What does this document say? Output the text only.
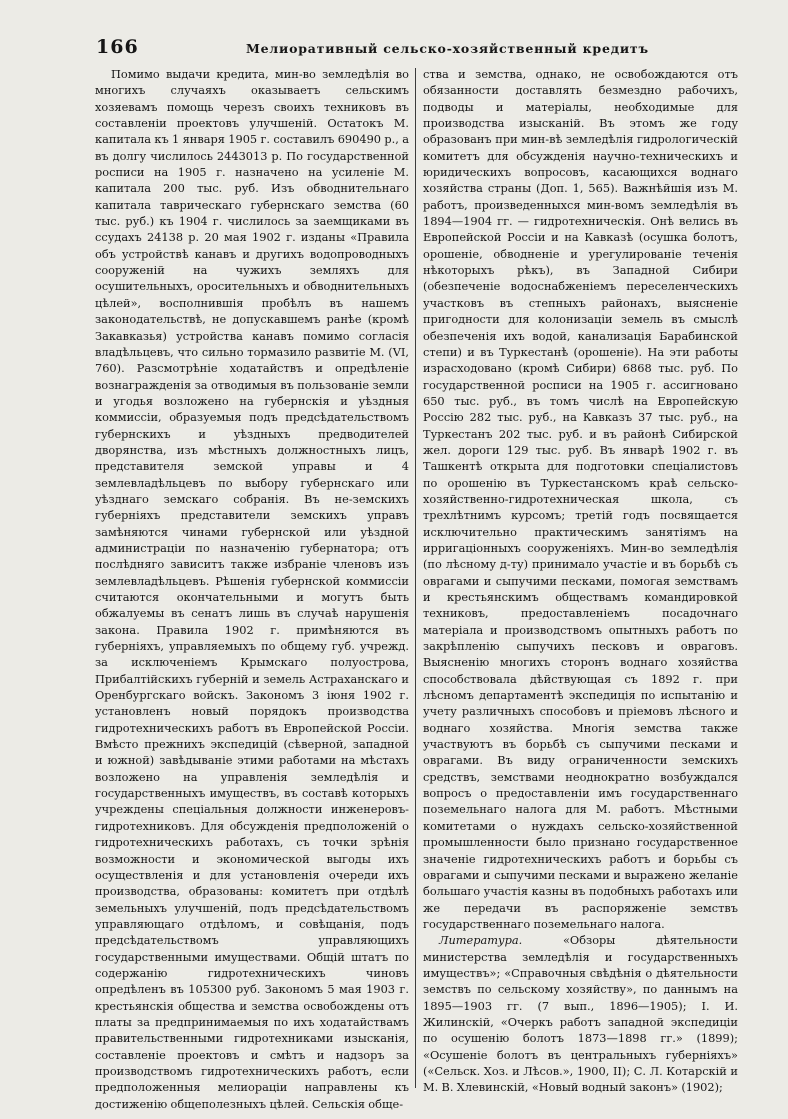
166	Мелиоративный сельско-хозяйственный кредитъ

Помимо выдачи кредита, мин-во земледѣлія во многихъ случаяхъ оказываетъ сельскимъ хозяевамъ помощь черезъ своихъ техниковъ въ составленіи проектовъ улучшеній. Остатокъ М. капитала къ 1 января 1905 г. составилъ 690490 р., а въ долгу числилось 2443013 р. По государственной росписи на 1905 г. назначено на усиленіе М. капитала 200 тыс. руб. Изъ обводнительнаго капитала таврическаго губернскаго земства (60 тыс. руб.) къ 1904 г. числилось за заемщиками въ ссудахъ 24138 р. 20 мая 1902 г. изданы «Правила объ устройствѣ канавъ и другихъ водопроводныхъ сооруженій на чужихъ земляхъ для осушительныхъ, оросительныхъ и обводнительныхъ цѣлей», восполнившія пробѣлъ въ нашемъ законодательствѣ, не допускавшемъ ранѣе (кромѣ Закавказья) устройства канавъ помимо согласія владѣльцевъ, что сильно тормазило развитіе М. (VI, 760). Разсмотрѣніе ходатайствъ и опредѣленіе вознагражденія за отводимыя въ пользованіе земли и угодья возложено на губернскія и уѣздныя коммиссіи, образуемыя подъ предсѣдательствомъ губернскихъ и уѣздныхъ предводителей дворянства, изъ мѣстныхъ должностныхъ лицъ, представителя земской управы и 4 землевладѣльцевъ по выбору губернскаго или уѣзднаго земскаго собранія. Въ не-земскихъ губерніяхъ представители земскихъ управъ замѣняются чинами губернской или уѣздной администраціи по назначенію губернатора; отъ послѣдняго зависитъ также избраніе членовъ изъ землевладѣльцевъ. Рѣшенія губернской коммиссіи считаются окончательными и могутъ быть обжалуемы въ сенатъ лишь въ случаѣ нарушенія закона. Правила 1902 г. примѣняются въ губерніяхъ, управляемыхъ по общему губ. учрежд. за исключеніемъ Крымскаго полуострова, Прибалтійскихъ губерній и земель Астраханскаго и Оренбургскаго войскъ. Закономъ 3 іюня 1902 г. установленъ новый порядокъ производства гидротехническихъ работъ въ Европейской Россіи. Вмѣсто прежнихъ экспедицій (сѣверной, западной и южной) завѣдываніе этими работами на мѣстахъ возложено на управленія земледѣлія и государственныхъ имуществъ, въ составѣ которыхъ учреждены спеціальныя должности инженеровъ-гидротехниковъ. Для обсужденія предположеній о гидротехническихъ работахъ, съ точки зрѣнія возможности и экономической выгоды ихъ осуществленія и для установленія очереди ихъ производства, образованы: комитетъ при отдѣлѣ земельныхъ улучшеній, подъ предсѣдательствомъ управляющаго отдѣломъ, и совѣщанія, подъ предсѣдательствомъ управляющихъ государственными имуществами. Общій штатъ по содержанію гидротехническихъ чиновъ опредѣленъ въ 105300 руб. Закономъ 5 мая 1903 г. крестьянскія общества и земства освобождены отъ платы за предпринимаемыя по ихъ ходатайствамъ правительственными гидротехниками изысканія, составленіе проектовъ и смѣтъ и надзоръ за производствомъ гидротехническихъ работъ, если предположенныя мелиораціи направлены къ достиженію общеполезныхъ цѣлей. Сельскія обще-

ства и земства, однако, не освобождаются отъ обязанности доставлять безмездно рабочихъ, подводы и матеріалы, необходимые для производства изысканій. Въ этомъ же году образованъ при мин-вѣ земледѣлія гидрологическій комитетъ для обсужденія научно-техническихъ и юридическихъ вопросовъ, касающихся воднаго хозяйства страны (Доп. 1, 565). Важнѣйшія изъ М. работъ, произведенныхся мин-вомъ земледѣлія въ 1894—1904 гг. — гидротехническія. Онѣ велись въ Европейской Россіи и на Кавказѣ (осушка болотъ, орошеніе, обводненіе и урегулированіе теченія нѣкоторыхъ рѣкъ), въ Западной Сибири (обезпеченіе водоснабженіемъ переселенческихъ участковъ въ степныхъ районахъ, выясненіе пригодности для колонизаціи земель въ смыслѣ обезпеченія ихъ водой, канализація Барабинской степи) и въ Туркестанѣ (орошеніе). На эти работы израсходовано (кромѣ Сибири) 6868 тыс. руб. По государственной росписи на 1905 г. ассигновано 650 тыс. руб., въ томъ числѣ на Европейскую Россію 282 тыс. руб., на Кавказъ 37 тыс. руб., на Туркестанъ 202 тыс. руб. и въ районѣ Сибирской жел. дороги 129 тыс. руб. Въ январѣ 1902 г. въ Ташкентѣ открыта для подготовки спеціалистовъ по орошенію въ Туркестанскомъ краѣ сельско-хозяйственно-гидротехническая школа, съ трехлѣтнимъ курсомъ; третій годъ посвящается исключительно практическимъ занятіямъ на ирригаціонныхъ сооруженіяхъ. Мин-во земледѣлія (по лѣсному д-ту) принимало участіе и въ борьбѣ съ оврагами и сыпучими песками, помогая земствамъ и крестьянскимъ обществамъ командировкой техниковъ, предоставленіемъ посадочнаго матеріала и производствомъ опытныхъ работъ по закрѣпленію сыпучихъ песковъ и овраговъ. Выясненію многихъ сторонъ воднаго хозяйства способствовала дѣйствующая съ 1892 г. при лѣсномъ департаментѣ экспедиція по испытанію и учету различныхъ способовъ и пріемовъ лѣсного и воднаго хозяйства. Многія земства также участвуютъ въ борьбѣ съ сыпучими песками и оврагами. Въ виду ограниченности земскихъ средствъ, земствами неоднократно возбуждался вопросъ о предоставленіи имъ государственнаго поземельнаго налога для М. работъ. Мѣстными комитетами о нуждахъ сельско-хозяйственной промышленности было признано государственное значеніе гидротехническихъ работъ и борьбы съ оврагами и сыпучими песками и выражено желаніе большаго участія казны въ подобныхъ работахъ или же передачи въ распоряженіе земствъ государственнаго поземельнаго налога.

Литература. «Обзоры дѣятельности министерства земледѣлія и государственныхъ имуществъ»; «Справочныя свѣдѣнія о дѣятельности земствъ по сельскому хозяйству», по даннымъ на 1895—1903 гг. (7 вып., 1896—1905); І. И. Жилинскій, «Очеркъ работъ западной экспедиціи по осушенію болотъ 1873—1898 гг.» (1899); «Осушеніе болотъ въ центральныхъ губерніяхъ» («Сельск. Хоз. и Лѣсов.», 1900, II); С. Л. Котарскій и М. В. Хлевинскій, «Новый водный законъ» (1902);
